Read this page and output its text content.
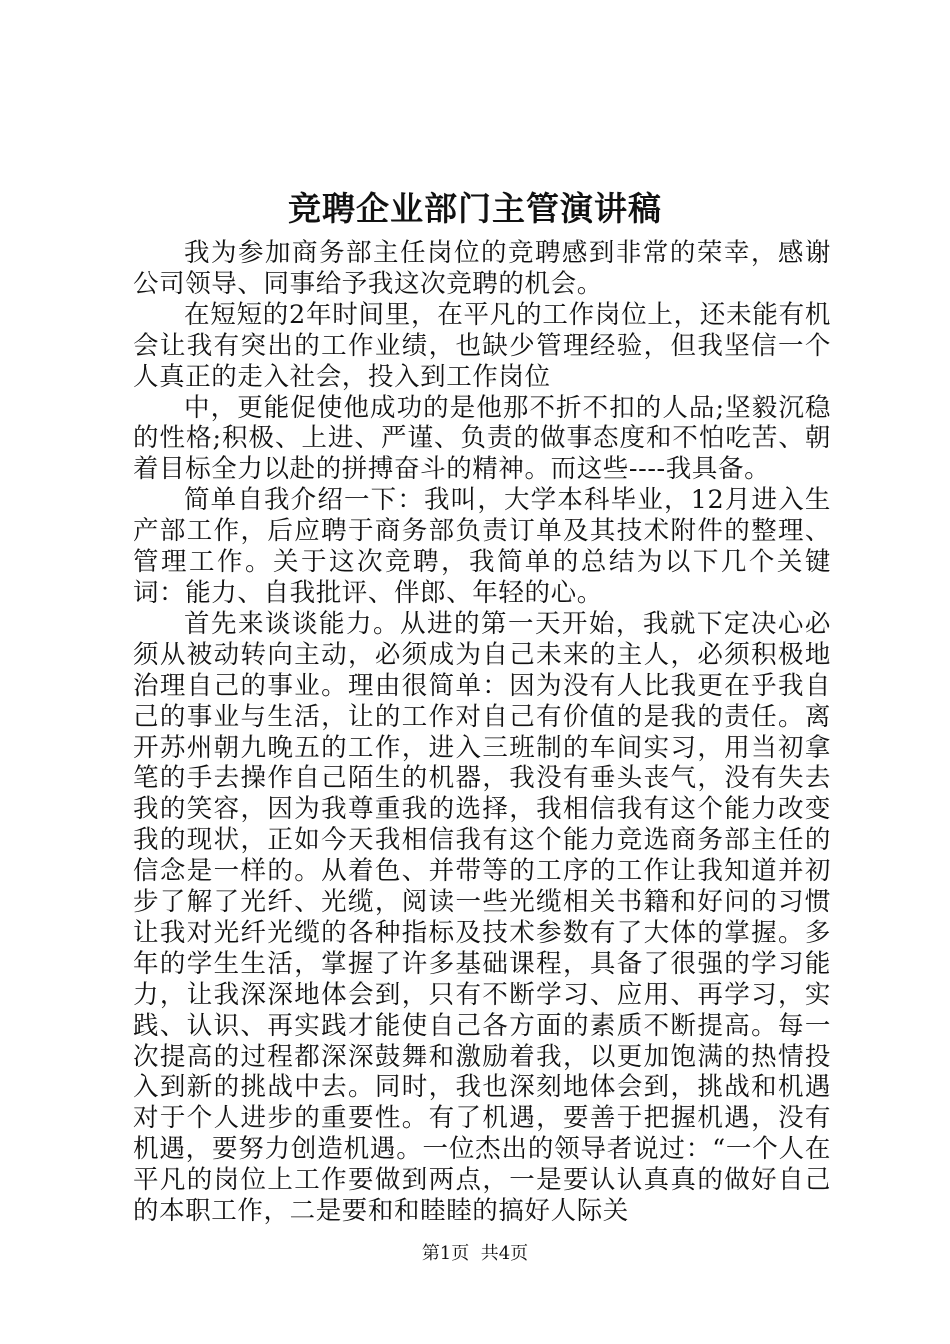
竞聘企业部门主管演讲稿

我为参加商务部主任岗位的竞聘感到非常的荣幸，感谢公司领导、同事给予我这次竞聘的机会。

在短短的2年时间里，在平凡的工作岗位上，还未能有机会让我有突出的工作业绩，也缺少管理经验，但我坚信一个人真正的走入社会，投入到工作岗位

中，更能促使他成功的是他那不折不扣的人品;坚毅沉稳的性格;积极、上进、严谨、负责的做事态度和不怕吃苦、朝着目标全力以赴的拼搏奋斗的精神。而这些----我具备。

简单自我介绍一下：我叫，大学本科毕业，12月进入生产部工作，后应聘于商务部负责订单及其技术附件的整理、管理工作。关于这次竞聘，我简单的总结为以下几个关键词：能力、自我批评、伴郎、年轻的心。

首先来谈谈能力。从进的第一天开始，我就下定决心必须从被动转向主动，必须成为自己未来的主人，必须积极地治理自己的事业。理由很简单：因为没有人比我更在乎我自己的事业与生活，让的工作对自己有价值的是我的责任。离开苏州朝九晚五的工作，进入三班制的车间实习，用当初拿笔的手去操作自己陌生的机器，我没有垂头丧气，没有失去我的笑容，因为我尊重我的选择，我相信我有这个能力改变我的现状，正如今天我相信我有这个能力竞选商务部主任的信念是一样的。从着色、并带等的工序的工作让我知道并初步了解了光纤、光缆，阅读一些光缆相关书籍和好问的习惯让我对光纤光缆的各种指标及技术参数有了大体的掌握。多年的学生生活，掌握了许多基础课程，具备了很强的学习能力，让我深深地体会到，只有不断学习、应用、再学习，实践、认识、再实践才能使自己各方面的素质不断提高。每一次提高的过程都深深鼓舞和激励着我，以更加饱满的热情投入到新的挑战中去。同时，我也深刻地体会到，挑战和机遇对于个人进步的重要性。有了机遇，要善于把握机遇，没有机遇，要努力创造机遇。一位杰出的领导者说过：“一个人在平凡的岗位上工作要做到两点，一是要认认真真的做好自己的本职工作，二是要和和睦睦的搞好人际关

第1页  共4页
